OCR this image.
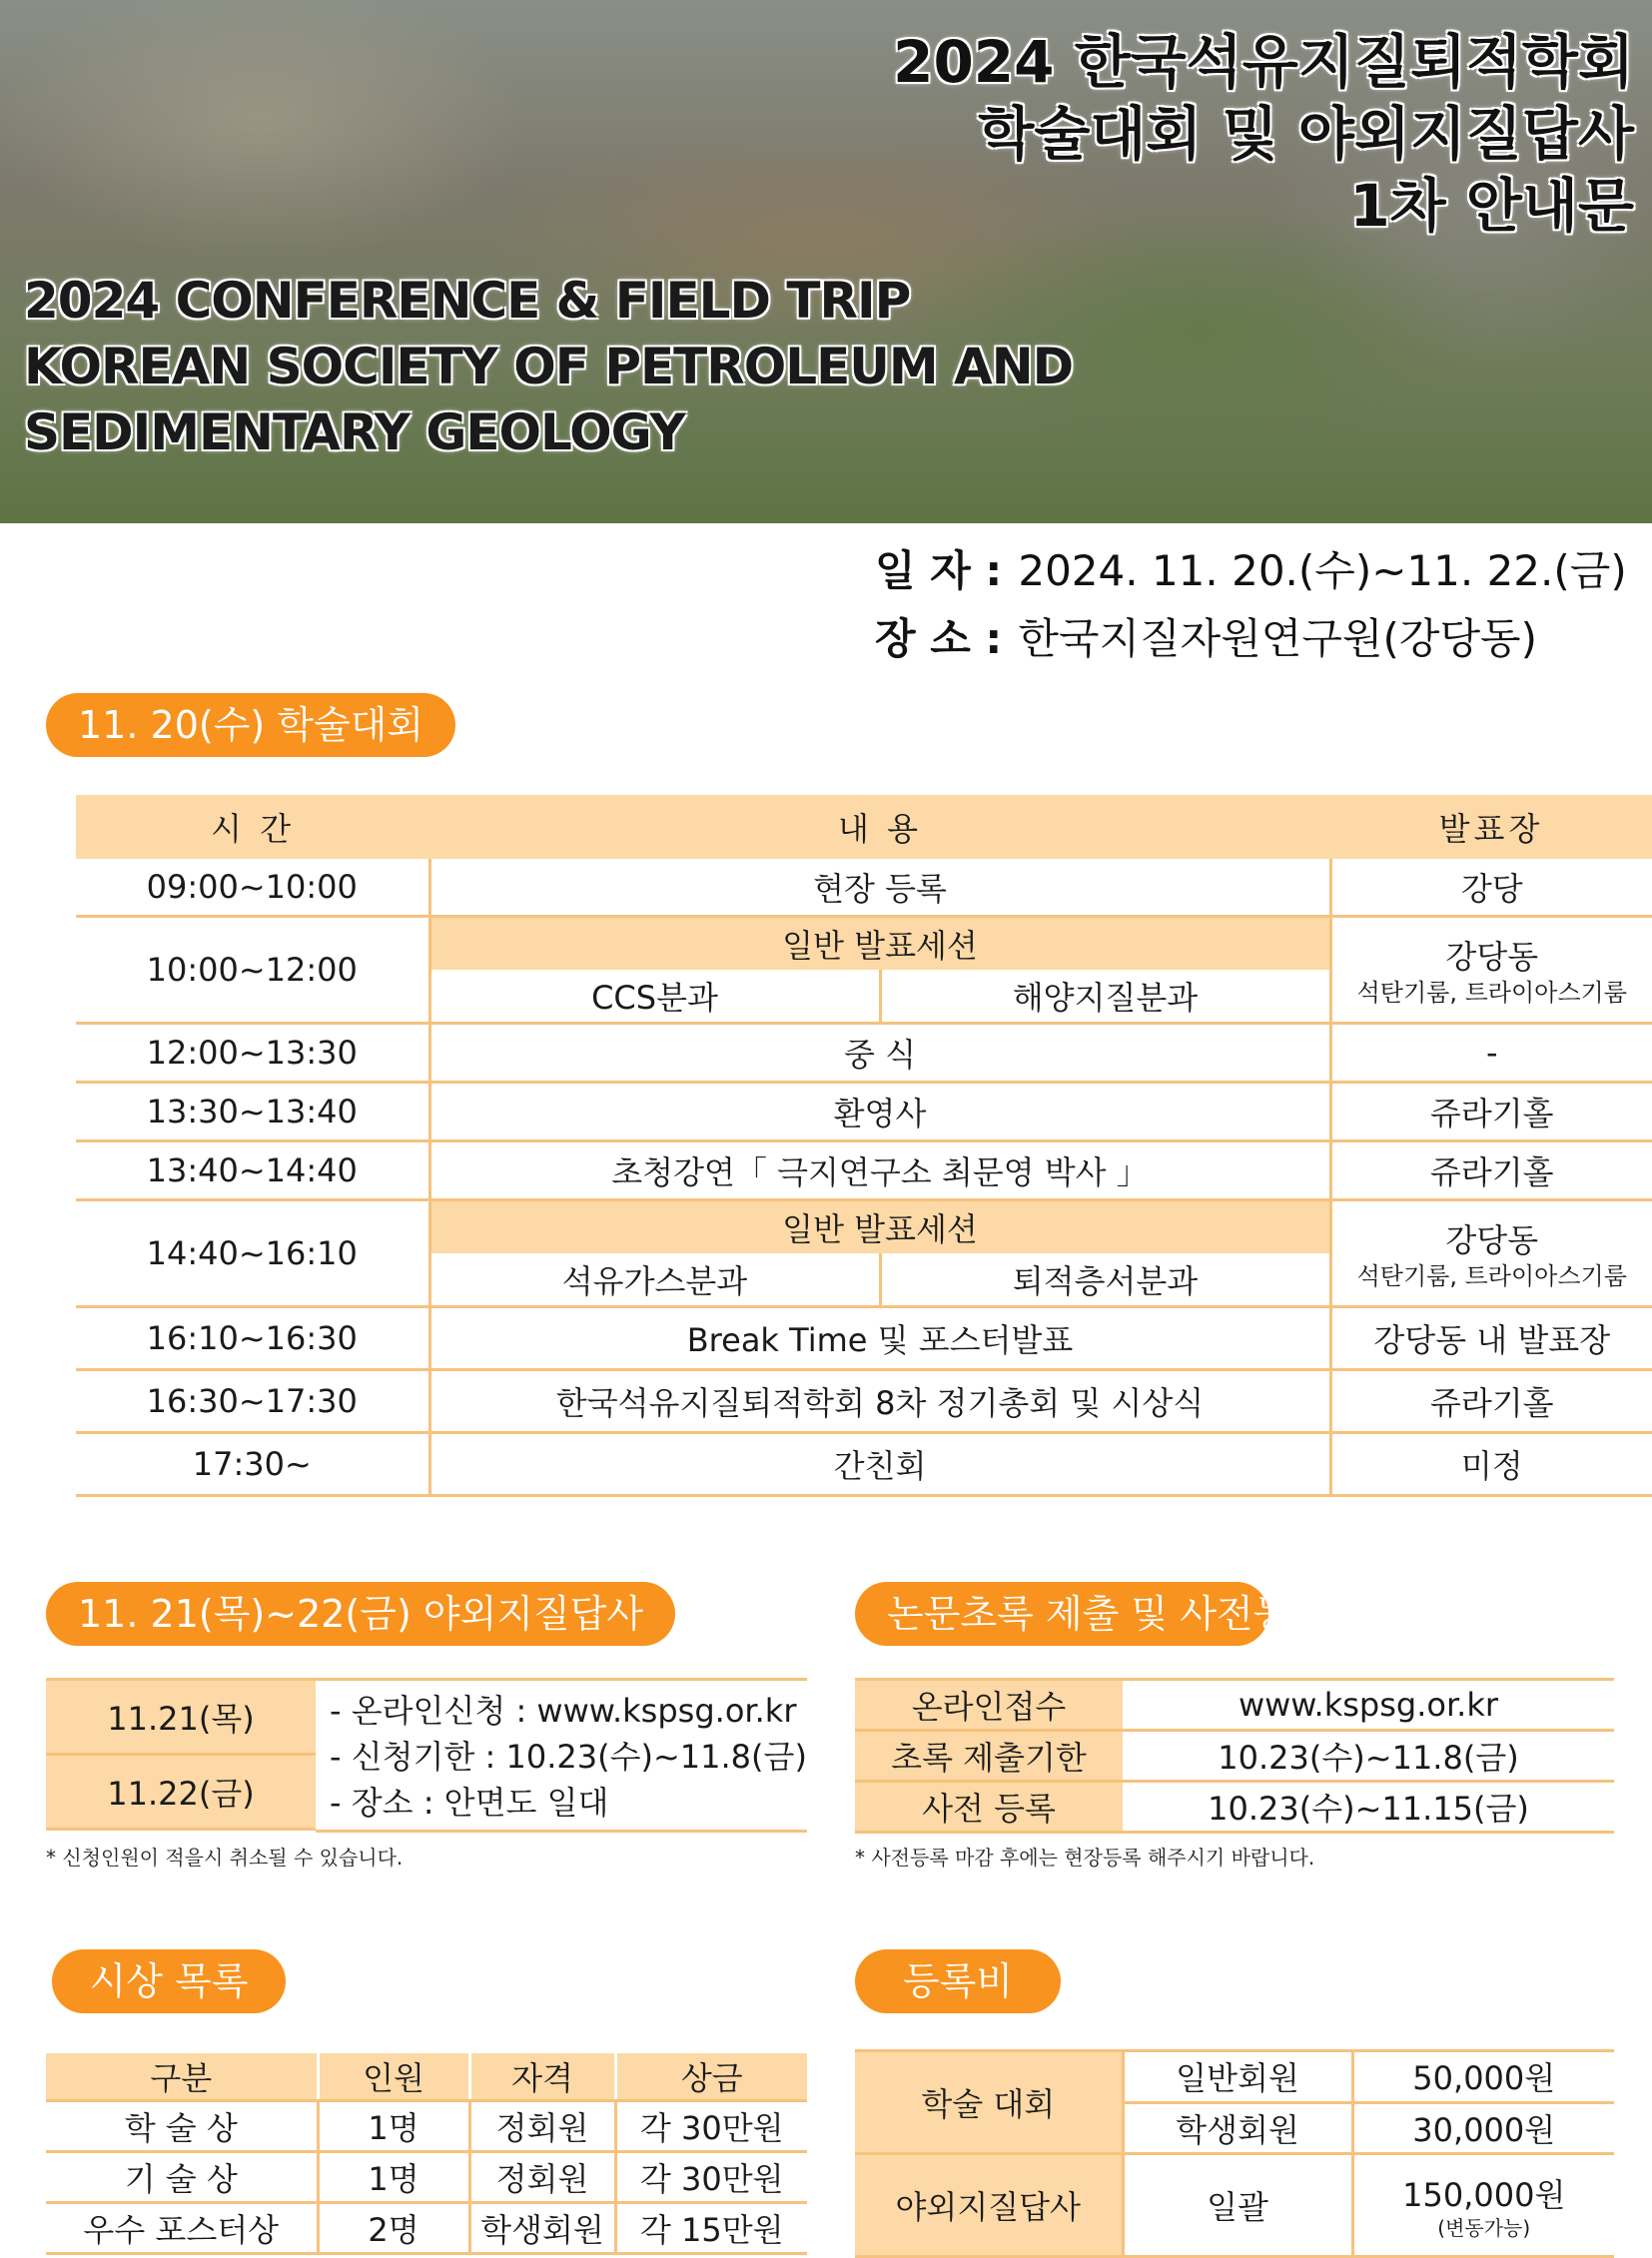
2024 한국석유지질퇴적학회
학술대회 및 야외지질답사
1차 안내문
2024 CONFERENCE & FIELD TRIP
KOREAN SOCIETY OF PETROLEUM AND
SEDIMENTARY GEOLOGY
일 자 : 2024. 11. 20.(수)~11. 22.(금)
장 소 : 한국지질자원연구원(강당동)
11. 20(수) 학술대회
시 간	내 용		발표장
09:00~10:00	현장 등록		강당
10:00~12:00	일반 발표세션		강당동
석탄기룸, 트라이아스기룸

	CCS분과	해양지질분과	
12:00~13:30	중 식		-
13:30~13:40	환영사		쥬라기홀
13:40~14:40	초청강연「 극지연구소 최문영 박사 」		쥬라기홀
14:40~16:10	일반 발표세션		강당동
석탄기룸, 트라이아스기룸

	석유가스분과	퇴적층서분과	
16:10~16:30	Break Time 및 포스터발표		강당동 내 발표장
16:30~17:30	한국석유지질퇴적학회 8차 정기총회 및 시상식		쥬라기홀
17:30~	간친회		미정
11. 21(목)~22(금) 야외지질답사
11.21(목)
11.22(금)
- 온라인신청 : www.kspsg.or.kr
- 신청기한 : 10.23(수)~11.8(금)
- 장소 : 안면도 일대
* 신청인원이 적을시 취소될 수 있습니다.
논문초록 제출 및 사전등록
온라인접수	www.kspsg.or.kr
초록 제출기한	10.23(수)~11.8(금)
사전 등록	10.23(수)~11.15(금)
* 사전등록 마감 후에는 현장등록 해주시기 바랍니다.
시상 목록
구분	인원	자격	상금
학 술 상	1명	정회원	각 30만원
기 술 상	1명	정회원	각 30만원
우수 포스터상	2명	학생회원	각 15만원
등록비
학술 대회	일반회원	50,000원
	학생회원	30,000원
야외지질답사	일괄	150,000원
(변동가능)
